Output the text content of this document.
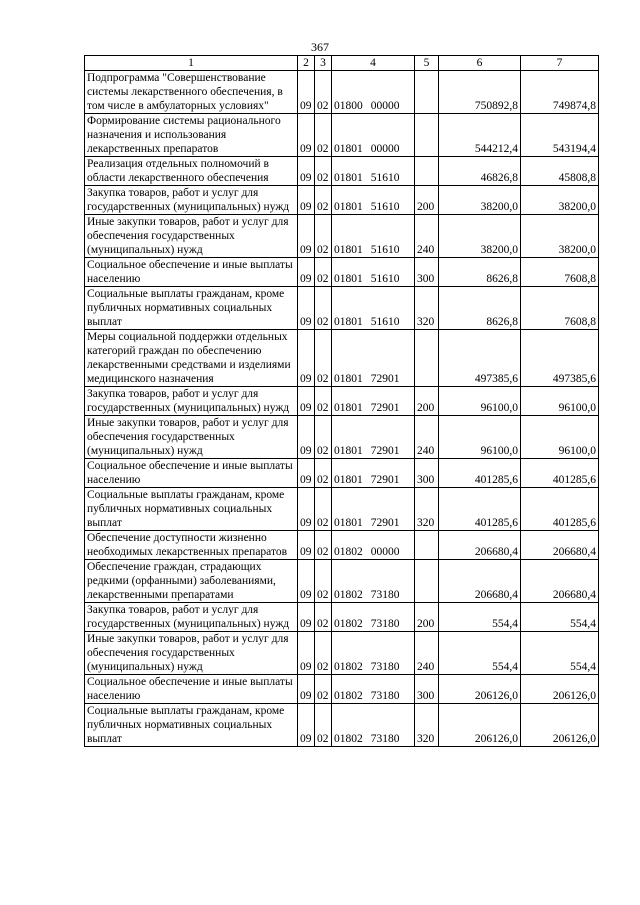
367
1	2	3	4	5	6	7
Подпрограмма "Совершенствование системы лекарственного обеспечения, в том числе в амбулаторных условиях"	09	02	01800 00000		750892,8	749874,8
Формирование системы рационального назначения и использования лекарственных препаратов	09	02	01801 00000		544212,4	543194,4
Реализация отдельных полномочий в области лекарственного обеспечения	09	02	01801 51610		46826,8	45808,8
Закупка товаров, работ и услуг для государственных (муниципальных) нужд	09	02	01801 51610	200	38200,0	38200,0
Иные закупки товаров, работ и услуг для обеспечения государственных (муниципальных) нужд	09	02	01801 51610	240	38200,0	38200,0
Социальное обеспечение и иные выплаты населению	09	02	01801 51610	300	8626,8	7608,8
Социальные выплаты гражданам, кроме публичных нормативных социальных выплат	09	02	01801 51610	320	8626,8	7608,8
Меры социальной поддержки отдельных категорий граждан по обеспечению лекарственными средствами и изделиями медицинского назначения	09	02	01801 72901		497385,6	497385,6
Закупка товаров, работ и услуг для государственных (муниципальных) нужд	09	02	01801 72901	200	96100,0	96100,0
Иные закупки товаров, работ и услуг для обеспечения государственных (муниципальных) нужд	09	02	01801 72901	240	96100,0	96100,0
Социальное обеспечение и иные выплаты населению	09	02	01801 72901	300	401285,6	401285,6
Социальные выплаты гражданам, кроме публичных нормативных социальных выплат	09	02	01801 72901	320	401285,6	401285,6
Обеспечение доступности жизненно необходимых лекарственных препаратов	09	02	01802 00000		206680,4	206680,4
Обеспечение граждан, страдающих редкими (орфанными) заболеваниями, лекарственными препаратами	09	02	01802 73180		206680,4	206680,4
Закупка товаров, работ и услуг для государственных (муниципальных) нужд	09	02	01802 73180	200	554,4	554,4
Иные закупки товаров, работ и услуг для обеспечения государственных (муниципальных) нужд	09	02	01802 73180	240	554,4	554,4
Социальное обеспечение и иные выплаты населению	09	02	01802 73180	300	206126,0	206126,0
Социальные выплаты гражданам, кроме публичных нормативных социальных выплат	09	02	01802 73180	320	206126,0	206126,0
